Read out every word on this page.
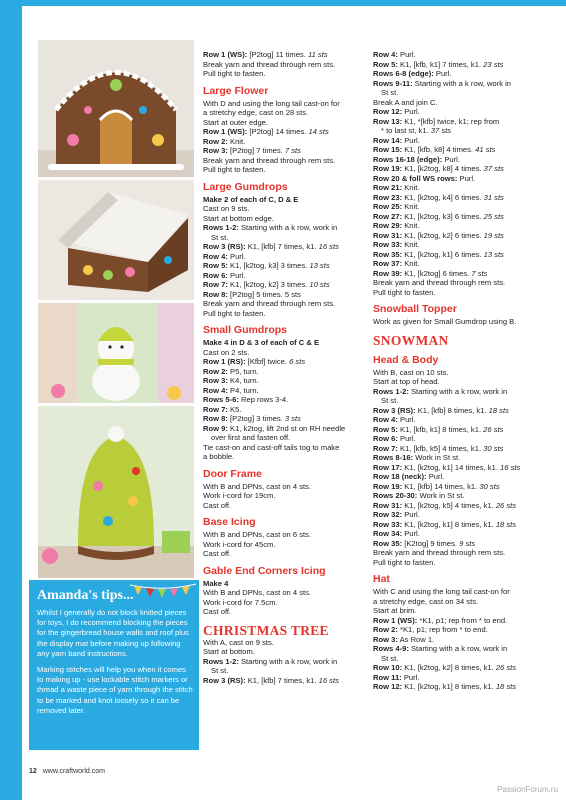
Amanda's tips...

Whilst I generally do not block knitted pieces for toys, I do recommend blocking the pieces for the gingerbread house walls and roof plus the display mat before making up following any yarn band instructions.

Marking stitches will help you when it comes to making up - use lockable stitch markers or thread a waste piece of yarn through the stitch to be marked and knot loosely so it can be removed later.

Row 1 (WS): [P2tog] 11 times. 11 sts
Break yarn and thread through rem sts.
Pull tight to fasten.
Large Flower
With D and using the long tail cast-on for
a stretchy edge, cast on 28 sts.
Start at outer edge.
Row 1 (WS): [P2tog] 14 times. 14 sts
Row 2: Knit.
Row 3: [P2tog] 7 times. 7 sts
Break yarn and thread through rem sts.
Pull tight to fasten.
Large Gumdrops
Make 2 of each of C, D & E
Cast on 9 sts.
Start at bottom edge.
Rows 1-2: Starting with a k row, work in
St st.
Row 3 (RS): K1, [kfb] 7 times, k1. 16 sts
Row 4: Purl.
Row 5: K1, [k2tog, k3] 3 times. 13 sts
Row 6: Purl.
Row 7: K1, [k2tog, k2] 3 times. 10 sts
Row 8: [P2tog] 5 times. 5 sts
Break yarn and thread through rem sts.
Pull tight to fasten.
Small Gumdrops
Make 4 in D & 3 of each of C & E
Cast on 2 sts.
Row 1 (RS): [Kfbf] twice. 6 sts
Row 2: P5, turn.
Row 3: K4, turn.
Row 4: P4, turn.
Rows 5-6: Rep rows 3-4.
Row 7: K5.
Row 8: [P2tog] 3 times. 3 sts
Row 9: K1, k2tog, lift 2nd st on RH needle
over first and fasten off.
Tie cast-on and cast-off tails tog to make
a bobble.
Door Frame
With B and DPNs, cast on 4 sts.
Work i-cord for 19cm.
Cast off.
Base Icing
With B and DPNs, cast on 6 sts.
Work i-cord for 45cm.
Cast off.
Gable End Corners Icing
Make 4
With B and DPNs, cast on 4 sts.
Work i-cord for 7.5cm.
Cast off.
CHRISTMAS TREE
With A, cast on 9 sts.
Start at bottom.
Rows 1-2: Starting with a k row, work in
St st.
Row 3 (RS): K1, [kfb] 7 times, k1. 16 sts
Row 4: Purl.
Row 5: K1, [kfb, k1] 7 times, k1. 23 sts
Rows 6-8 (edge): Purl.
Rows 9-11: Starting with a k row, work in
St st.
Break A and join C.
Row 12: Purl.
Row 13: K1, *[kfb] twice, k1; rep from
* to last st, k1. 37 sts
Row 14: Purl.
Row 15: K1, [kfb, k8] 4 times. 41 sts
Rows 16-18 (edge): Purl.
Row 19: K1, [k2tog, k8] 4 times. 37 sts
Row 20 & foll WS rows: Purl.
Row 21: Knit.
Row 23: K1, [k2tog, k4] 6 times. 31 sts
Row 25: Knit.
Row 27: K1, [k2tog, k3] 6 times. 25 sts
Row 29: Knit.
Row 31: K1, [k2tog, k2] 6 times. 19 sts
Row 33: Knit.
Row 35: K1, [k2tog, k1] 6 times. 13 sts
Row 37: Knit.
Row 39: K1, [k2tog] 6 times. 7 sts
Break yarn and thread through rem sts.
Pull tight to fasten.
Snowball Topper
Work as given for Small Gumdrop using B.
SNOWMAN
Head & Body
With B, cast on 10 sts.
Start at top of head.
Rows 1-2: Starting with a k row, work in
St st.
Row 3 (RS): K1, [kfb] 8 times, k1. 18 sts
Row 4: Purl.
Row 5: K1, [kfb, k1] 8 times, k1. 26 sts
Row 6: Purl.
Row 7: K1, [kfb, k5] 4 times, k1. 30 sts
Rows 8-16: Work in St st.
Row 17: K1, [k2tog, k1] 14 times, k1. 16 sts
Row 18 (neck): Purl.
Row 19: K1, [kfb] 14 times, k1. 30 sts
Rows 20-30: Work in St st.
Row 31: K1, [k2tog, k5] 4 times, k1. 26 sts
Row 32: Purl.
Row 33: K1, [k2tog, k1] 8 times, k1. 18 sts
Row 34: Purl.
Row 35: [K2tog] 9 times. 9 sts
Break yarn and thread through rem sts.
Pull tight to fasten.
Hat
With C and using the long tail cast-on for
a stretchy edge, cast on 34 sts.
Start at brim.
Row 1 (WS): *K1, p1; rep from * to end.
Row 2: *K1, p1; rep from * to end.
Row 3: As Row 1.
Rows 4-9: Starting with a k row, work in
St st.
Row 10: K1, [k2tog, k2] 8 times, k1. 26 sts
Row 11: Purl.
Row 12: K1, [k2tog, k1] 8 times, k1. 18 sts
12 www.craftworld.com
PassionForum.ru
